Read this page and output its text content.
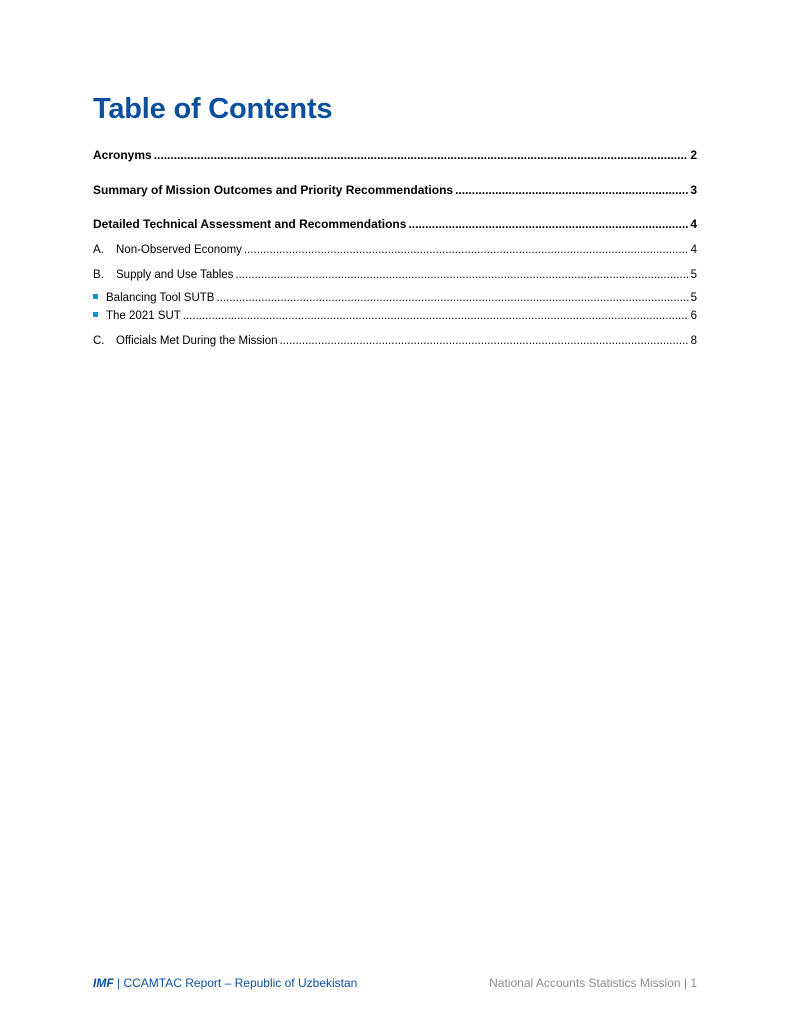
Table of Contents
Acronyms .....	2
Summary of Mission Outcomes and Priority Recommendations .....	3
Detailed Technical Assessment and Recommendations .....	4
A. Non-Observed Economy .....	4
B. Supply and Use Tables .....	5
Balancing Tool SUTB .....	5
The 2021 SUT .....	6
C. Officials Met During the Mission .....	8
IMF | CCAMTAC Report – Republic of Uzbekistan	National Accounts Statistics Mission | 1
